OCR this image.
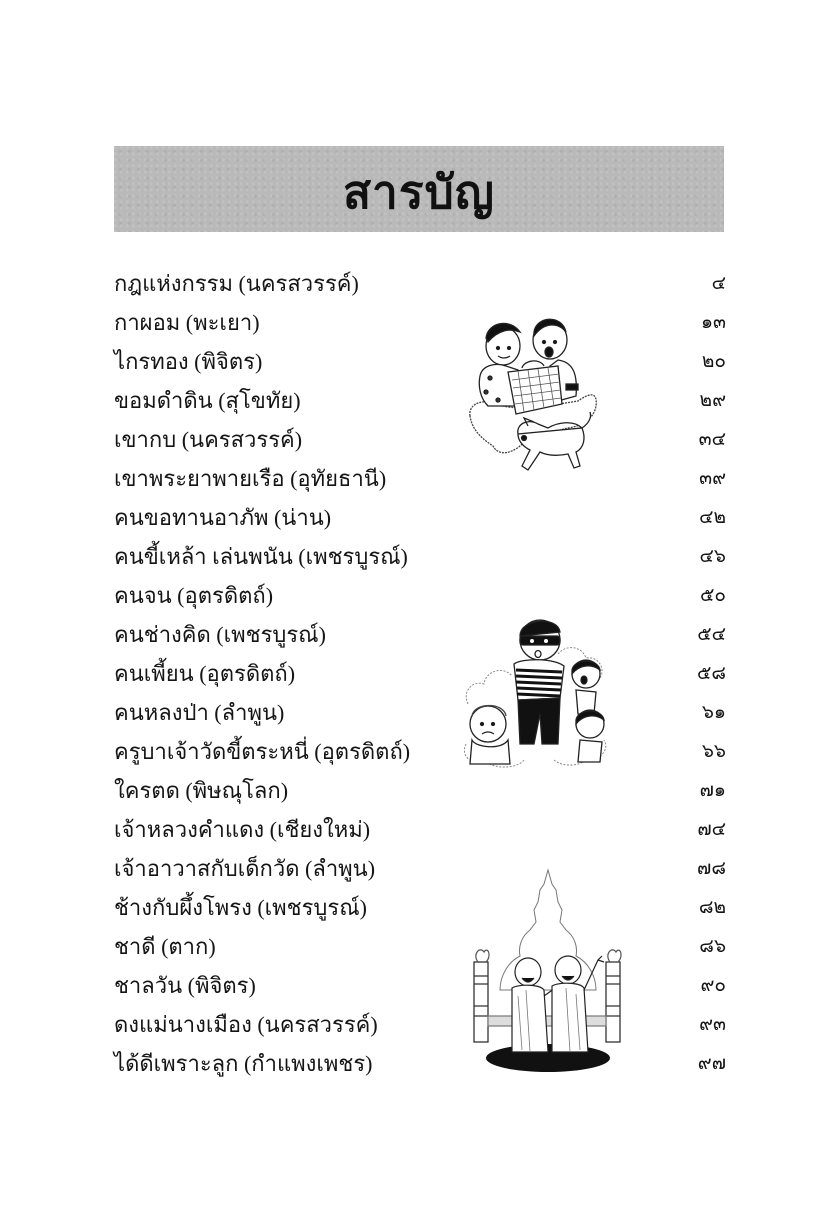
สารบัญ
กฎแห่งกรรม (นครสวรรค์)	๔
กาผอม (พะเยา)	๑๓
ไกรทอง (พิจิตร)	๒๐
ขอมดำดิน (สุโขทัย)	๒๙
เขากบ (นครสวรรค์)	๓๔
เขาพระยาพายเรือ (อุทัยธานี)	๓๙
คนขอทานอาภัพ (น่าน)	๔๒
คนขี้เหล้า เล่นพนัน (เพชรบูรณ์)	๔๖
คนจน (อุตรดิตถ์)	๕๐
คนช่างคิด (เพชรบูรณ์)	๕๔
คนเพี้ยน (อุตรดิตถ์)	๕๘
คนหลงป่า (ลำพูน)	๖๑
ครูบาเจ้าวัดขี้ตระหนี่ (อุตรดิตถ์)	๖๖
ใครตด (พิษณุโลก)	๗๑
เจ้าหลวงคำแดง (เชียงใหม่)	๗๔
เจ้าอาวาสกับเด็กวัด (ลำพูน)	๗๘
ช้างกับผึ้งโพรง (เพชรบูรณ์)	๘๒
ชาดี (ตาก)	๘๖
ชาลวัน (พิจิตร)	๙๐
ดงแม่นางเมือง (นครสวรรค์)	๙๓
ได้ดีเพราะลูก (กำแพงเพชร)	๙๗
